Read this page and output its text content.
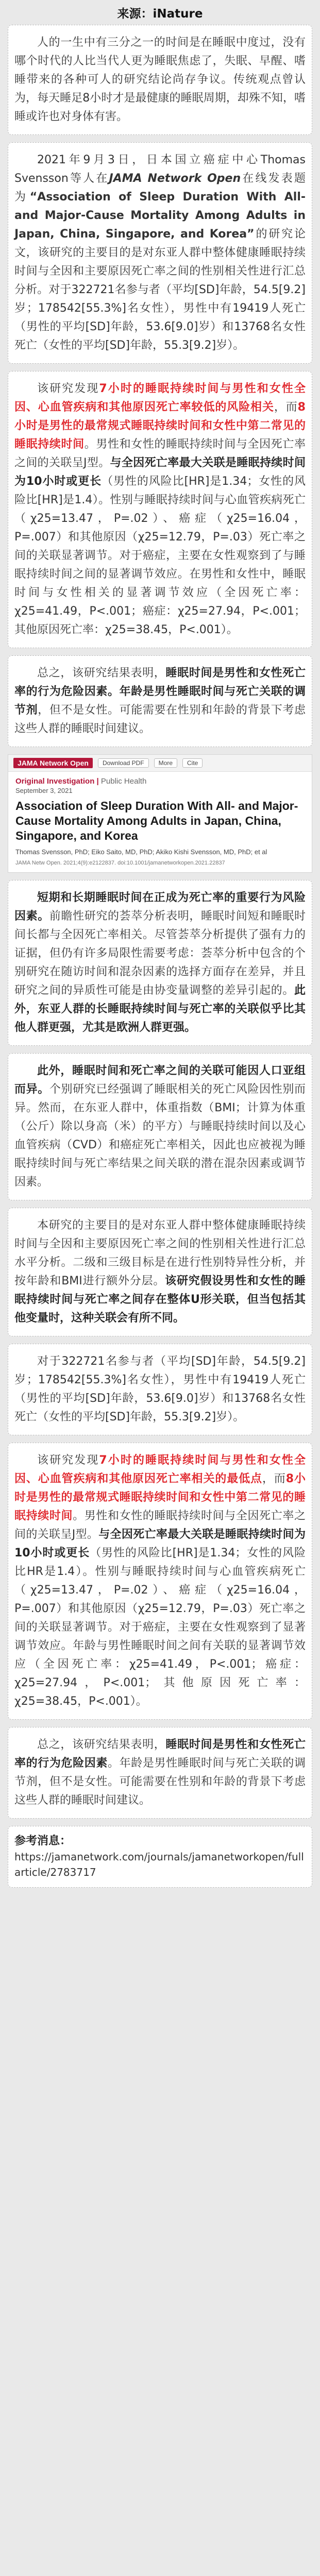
来源：iNature

人的一生中有三分之一的时间是在睡眠中度过，没有哪个时代的人比当代人更为睡眠焦虑了，失眠、早醒、嗜睡带来的各种可人的研究结论尚存争议。传统观点曾认为，每天睡足8小时才是最健康的睡眠周期，却殊不知，嗜睡或许也对身体有害。

2021年9月3日，日本国立癌症中心Thomas Svensson等人在JAMA Network Open在线发表题为“Association of Sleep Duration With All- and Major-Cause Mortality Among Adults in Japan, China, Singapore, and Korea”的研究论文，该研究的主要目的是对东亚人群中整体健康睡眠持续时间与全因和主要原因死亡率之间的性别相关性进行汇总分析。对于322721名参与者（平均[SD]年龄，54.5[9.2]岁；178542[55.3%]名女性），男性中有19419人死亡（男性的平均[SD]年龄，53.6[9.0]岁）和13768名女性死亡（女性的平均[SD]年龄，55.3[9.2]岁）。

该研究发现7小时的睡眠持续时间与男性和女性全因、心血管疾病和其他原因死亡率较低的风险相关，而8小时是男性的最常规式睡眠持续时间和女性中第二常见的睡眠持续时间。男性和女性的睡眠持续时间与全因死亡率之间的关联呈J型。与全因死亡率最大关联是睡眠持续时间为10小时或更长（男性的风险比[HR]是1.34；女性的风险比[HR]是1.4）。性别与睡眠持续时间与心血管疾病死亡（χ25=13.47，P=.02）、癌症（χ25=16.04，P=.007）和其他原因（χ25=12.79，P=.03）死亡率之间的关联显著调节。对于癌症，主要在女性观察到了与睡眠持续时间之间的显著调节效应。在男性和女性中，睡眠时间与女性相关的显著调节效应（全因死亡率：χ25=41.49，P<.001；癌症：χ25=27.94，P<.001；其他原因死亡率：χ25=38.45，P<.001）。

总之，该研究结果表明，睡眠时间是男性和女性死亡率的行为危险因素。年龄是男性睡眠时间与死亡关联的调节剂，但不是女性。可能需要在性别和年龄的背景下考虑这些人群的睡眠时间建议。

JAMA Network Open	Download PDF	More	Cite
Original Investigation | Public Health
September 3, 2021
Association of Sleep Duration With All- and Major-Cause Mortality Among Adults in Japan, China, Singapore, and Korea
Thomas Svensson, PhD; Eiko Saito, MD, PhD; Akiko Kishi Svensson, MD, PhD; et al
JAMA Netw Open. 2021;4(9):e2122837. doi:10.1001/jamanetworkopen.2021.22837

短期和长期睡眠时间在正成为死亡率的重要行为风险因素。前瞻性研究的荟萃分析表明，睡眠时间短和睡眠时间长都与全因死亡率相关。尽管荟萃分析提供了强有力的证据，但仍有许多局限性需要考虑：荟萃分析中包含的个别研究在随访时间和混杂因素的选择方面存在差异，并且研究之间的异质性可能是由协变量调整的差异引起的。此外，东亚人群的长睡眠持续时间与死亡率的关联似乎比其他人群更强，尤其是欧洲人群更强。

此外，睡眠时间和死亡率之间的关联可能因人口亚组而异。个别研究已经强调了睡眠相关的死亡风险因性别而异。然而，在东亚人群中，体重指数（BMI；计算为体重（公斤）除以身高（米）的平方）与睡眠持续时间以及心血管疾病（CVD）和癌症死亡率相关，因此也应被视为睡眠持续时间与死亡率结果之间关联的潜在混杂因素或调节因素。

本研究的主要目的是对东亚人群中整体健康睡眠持续时间与全因和主要原因死亡率之间的性别相关性进行汇总水平分析。二级和三级目标是在进行性别特异性分析，并按年龄和BMI进行额外分层。该研究假设男性和女性的睡眠持续时间与死亡率之间存在整体U形关联，但当包括其他变量时，这种关联会有所不同。

对于322721名参与者（平均[SD]年龄，54.5[9.2]岁；178542[55.3%]名女性），男性中有19419人死亡（男性的平均[SD]年龄，53.6[9.0]岁）和13768名女性死亡（女性的平均[SD]年龄，55.3[9.2]岁）。

该研究发现7小时的睡眠持续时间与男性和女性全因、心血管疾病和其他原因死亡率相关的最低点，而8小时是男性的最常规式睡眠持续时间和女性中第二常见的睡眠持续时间。男性和女性的睡眠持续时间与全因死亡率之间的关联呈J型。与全因死亡率最大关联是睡眠持续时间为10小时或更长（男性的风险比[HR]是1.34；女性的风险比HR是1.4）。性别与睡眠持续时间与心血管疾病死亡（χ25=13.47，P=.02）、癌症（χ25=16.04，P=.007）和其他原因（χ25=12.79，P=.03）死亡率之间的关联显著调节。对于癌症，主要在女性观察到了显著调节效应。年龄与男性睡眠时间之间有关联的显著调节效应（全因死亡率：χ25=41.49，P<.001；癌症：χ25=27.94，P<.001；其他原因死亡率：χ25=38.45，P<.001）。

总之，该研究结果表明，睡眠时间是男性和女性死亡率的行为危险因素。年龄是男性睡眠时间与死亡关联的调节剂，但不是女性。可能需要在性别和年龄的背景下考虑这些人群的睡眠时间建议。

参考消息：
https://jamanetwork.com/journals/jamanetworkopen/fullarticle/2783717
